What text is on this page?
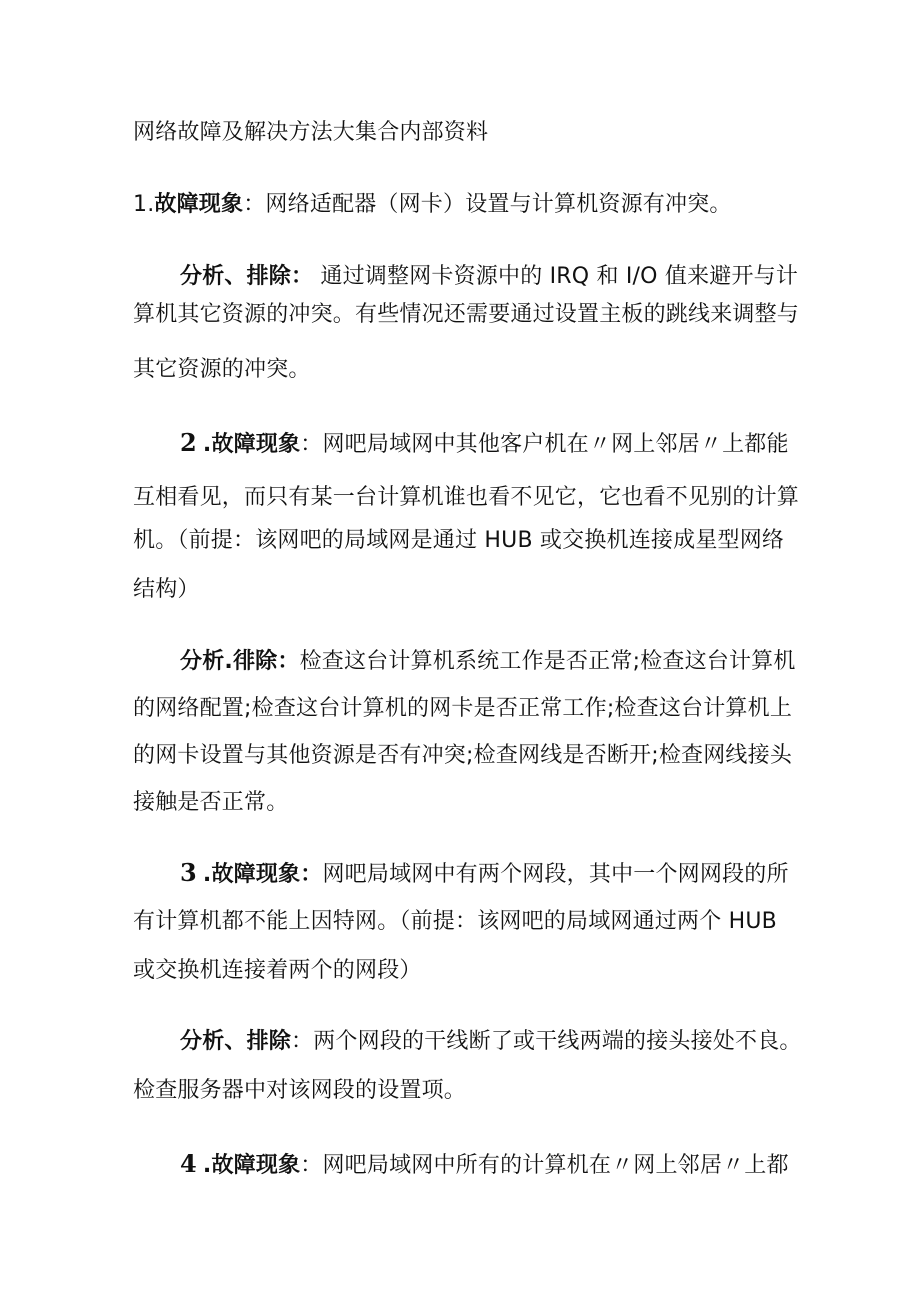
网络故障及解决方法大集合内部资料
1.故障现象：网络适配器（网卡）设置与计算机资源有冲突。
分析、排除： 通过调整网卡资源中的 IRQ 和 I/O 值来避开与计
算机其它资源的冲突。有些情况还需要通过设置主板的跳线来调整与
其它资源的冲突。
2 .故障现象：网吧局域网中其他客户机在〃网上邻居〃上都能
互相看见，而只有某一台计算机谁也看不见它，它也看不见别的计算
机。（前提：该网吧的局域网是通过 HUB 或交换机连接成星型网络
结构）
分析.徘除：检查这台计算机系统工作是否正常;检查这台计算机
的网络配置;检查这台计算机的网卡是否正常工作;检查这台计算机上
的网卡设置与其他资源是否有冲突;检查网线是否断开;检查网线接头
接触是否正常。
3 .故障现象：网吧局域网中有两个网段，其中一个网网段的所
有计算机都不能上因特网。（前提：该网吧的局域网通过两个 HUB
或交换机连接着两个的网段）
分析、排除：两个网段的干线断了或干线两端的接头接处不良。
检查服务器中对该网段的设置项。
4 .故障现象：网吧局域网中所有的计算机在〃网上邻居〃上都
